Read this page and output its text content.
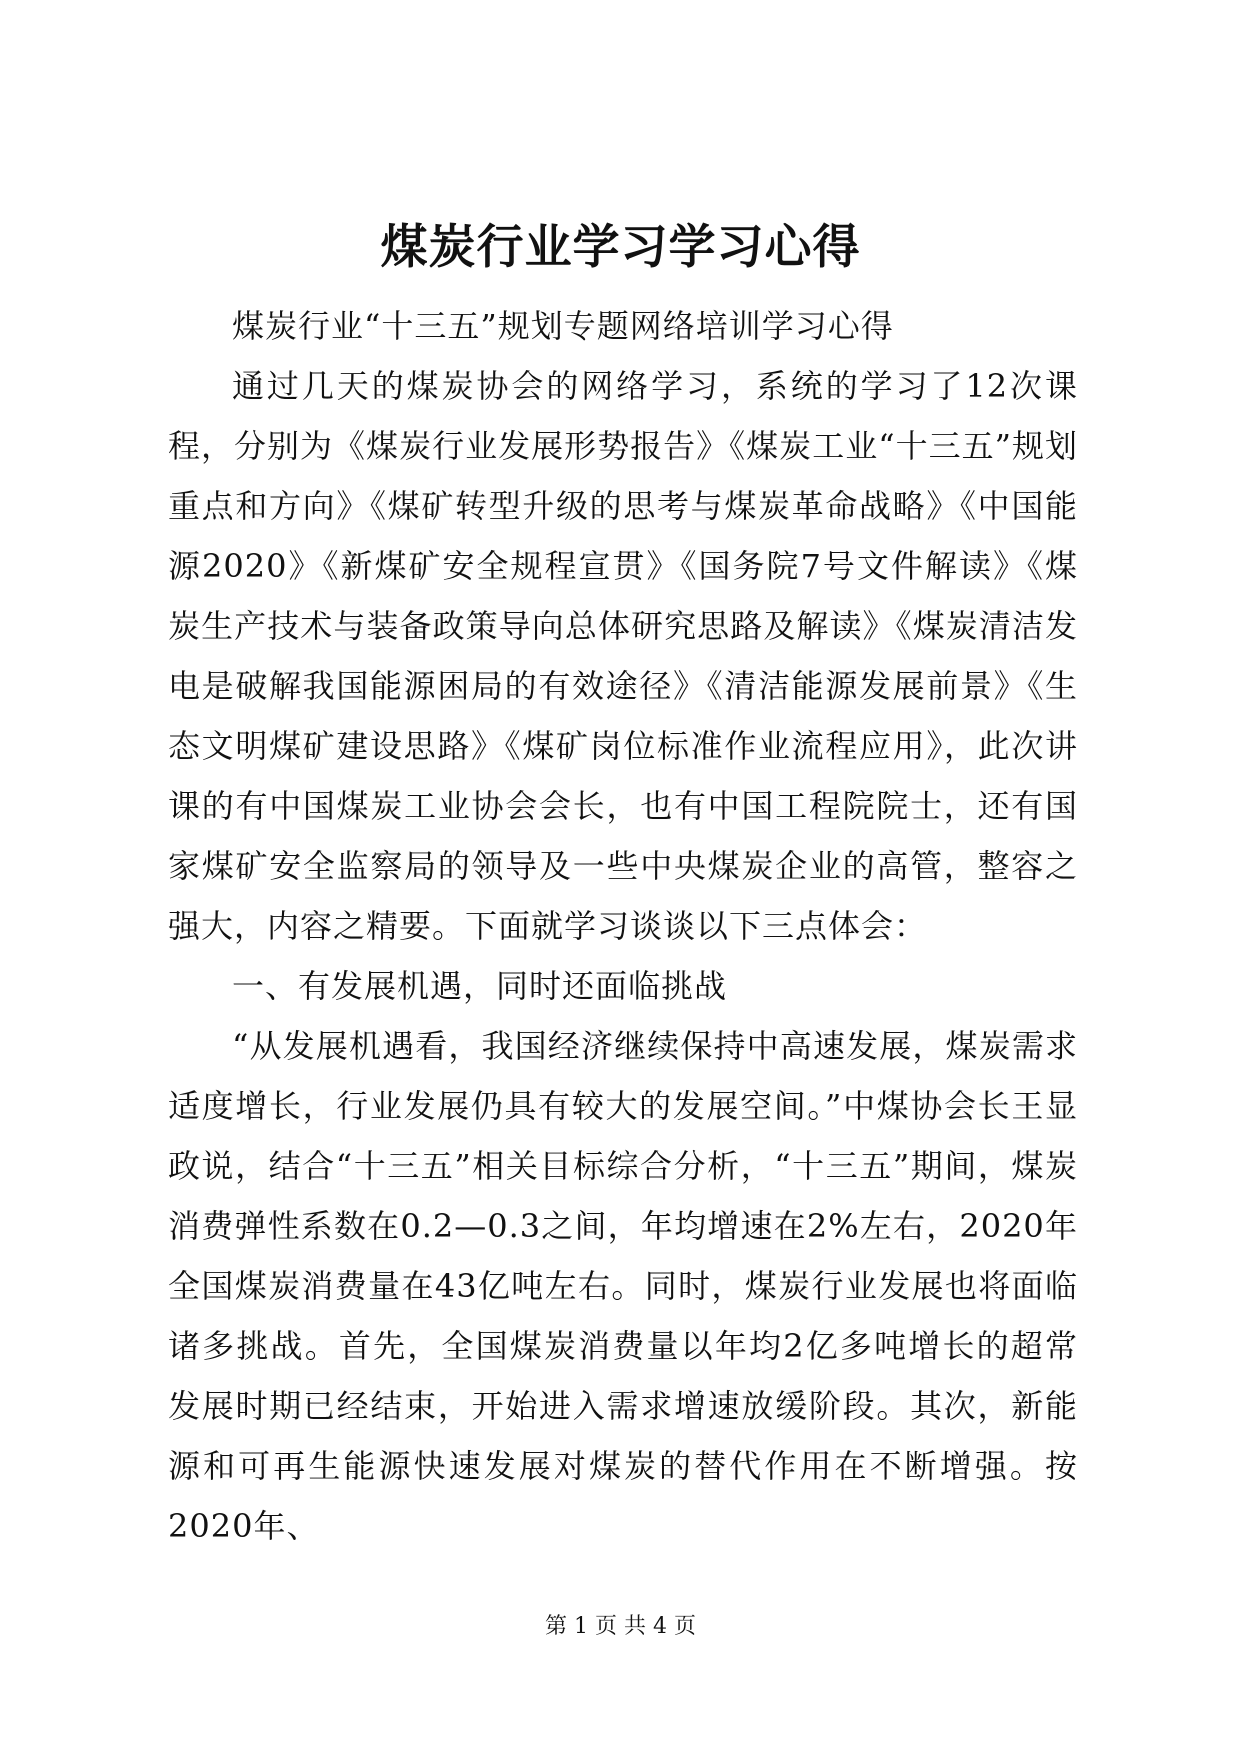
煤炭行业学习学习心得

煤炭行业“十三五”规划专题网络培训学习心得

通过几天的煤炭协会的网络学习，系统的学习了12次课程，分别为《煤炭行业发展形势报告》《煤炭工业“十三五”规划重点和方向》《煤矿转型升级的思考与煤炭革命战略》《中国能源2020》《新煤矿安全规程宣贯》《国务院7号文件解读》《煤炭生产技术与装备政策导向总体研究思路及解读》《煤炭清洁发电是破解我国能源困局的有效途径》《清洁能源发展前景》《生态文明煤矿建设思路》《煤矿岗位标准作业流程应用》，此次讲课的有中国煤炭工业协会会长，也有中国工程院院士，还有国家煤矿安全监察局的领导及一些中央煤炭企业的高管，整容之强大，内容之精要。下面就学习谈谈以下三点体会：

一、有发展机遇，同时还面临挑战

“从发展机遇看，我国经济继续保持中高速发展，煤炭需求适度增长，行业发展仍具有较大的发展空间。”中煤协会长王显政说，结合“十三五”相关目标综合分析，“十三五”期间，煤炭消费弹性系数在0.2—0.3之间，年均增速在2%左右，2020年全国煤炭消费量在43亿吨左右。同时，煤炭行业发展也将面临诸多挑战。首先，全国煤炭消费量以年均2亿多吨增长的超常发展时期已经结束，开始进入需求增速放缓阶段。其次，新能源和可再生能源快速发展对煤炭的替代作用在不断增强。按2020年、

第 1 页 共 4 页
